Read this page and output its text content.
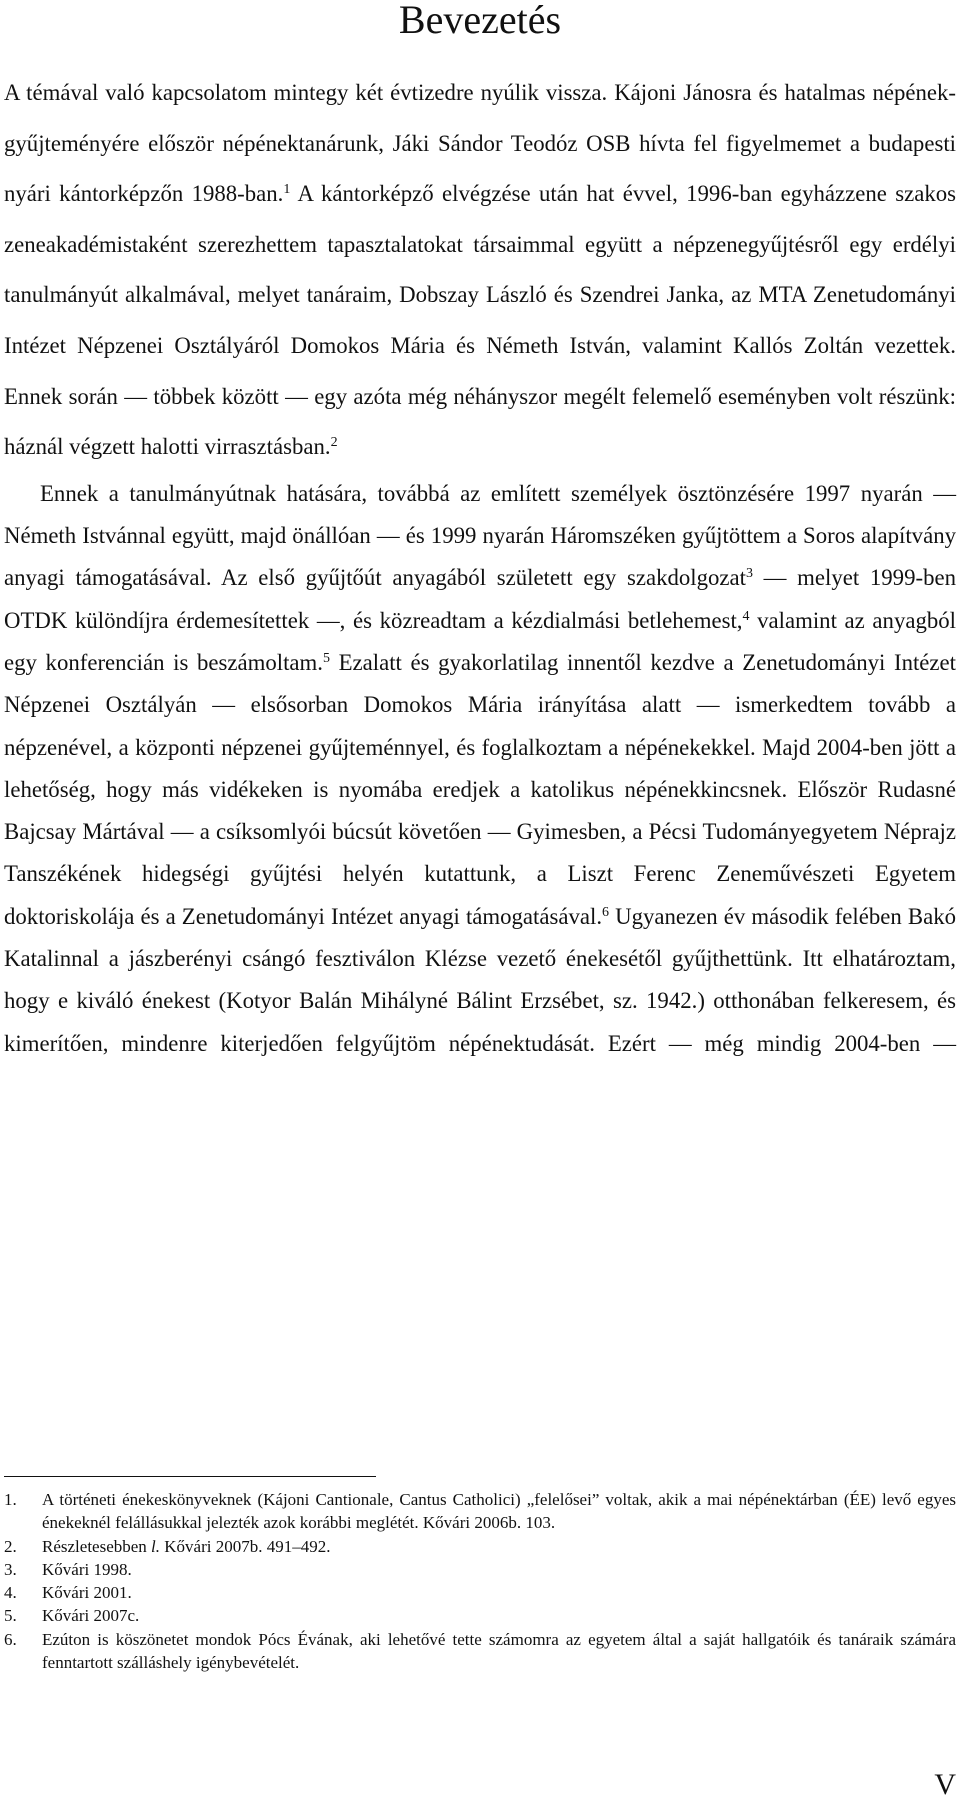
Bevezetés

A témával való kapcsolatom mintegy két évtizedre nyúlik vissza. Kájoni Jánosra és hatalmas népének-gyűjteményére először népénektanárunk, Jáki Sándor Teodóz OSB hívta fel figyelmemet a budapesti nyári kántorképzőn 1988-ban.$^1$ A kántorképző elvégzése után hat évvel, 1996-ban egyházzene szakos zeneakadémistaként szerezhettem tapasztalatokat társaimmal együtt a népzenegyűjtésről egy erdélyi tanulmányút alkalmával, melyet tanáraim, Dobszay László és Szendrei Janka, az MTA Zenetudományi Intézet Népzenei Osztályáról Domokos Mária és Németh István, valamint Kallós Zoltán vezettek. Ennek során — többek között — egy azóta még néhányszor megélt felemelő eseményben volt részünk: háznál végzett halotti virrasztásban.$^2$

Ennek a tanulmányútnak hatására, továbbá az említett személyek ösztönzésére 1997 nyarán — Németh Istvánnal együtt, majd önállóan — és 1999 nyarán Háromszéken gyűjtöttem a Soros alapítvány anyagi támogatásával. Az első gyűjtőút anyagából született egy szakdolgozat$^3$ — melyet 1999-ben OTDK különdíjra érdemesítettek —, és közreadtam a kézdialmási betlehemest,$^4$ valamint az anyagból egy konferencián is beszámoltam.$^5$ Ezalatt és gyakorlatilag innentől kezdve a Zenetudományi Intézet Népzenei Osztályán — elsősorban Domokos Mária irányítása alatt — ismerkedtem tovább a népzenével, a központi népzenei gyűjteménnyel, és foglalkoztam a népénekekkel. Majd 2004-ben jött a lehetőség, hogy más vidékeken is nyomába eredjek a katolikus népénekkincsnek. Először Rudasné Bajcsay Mártával — a csíksomlyói búcsút követően — Gyimesben, a Pécsi Tudományegyetem Néprajz Tanszékének hidegségi gyűjtési helyén kutattunk, a Liszt Ferenc Zeneművészeti Egyetem doktoriskolája és a Zenetudományi Intézet anyagi támogatásával.$^6$ Ugyanezen év második felében Bakó Katalinnal a jászberényi csángó fesztiválon Klézse vezető énekesétől gyűjthettünk. Itt elhatároztam, hogy e kiváló énekest (Kotyor Balán Mihályné Bálint Erzsébet, sz. 1942.) otthonában felkeresem, és kimerítően, mindenre kiterjedően felgyűjtöm népénektudását. Ezért — még mindig 2004-ben —

1. A történeti énekeskönyveknek (Kájoni Cantionale, Cantus Catholici) „felelősei” voltak, akik a mai népénektárban (ÉE) levő egyes énekeknél felállásukkal jelezték azok korábbi meglétét. Kővári 2006b. 103.
2. Részletesebben l. Kővári 2007b. 491–492.
3. Kővári 1998.
4. Kővári 2001.
5. Kővári 2007c.
6. Ezúton is köszönetet mondok Pócs Évának, aki lehetővé tette számomra az egyetem által a saját hallgatóik és tanáraik számára fenntartott szálláshely igénybevételét.
V
